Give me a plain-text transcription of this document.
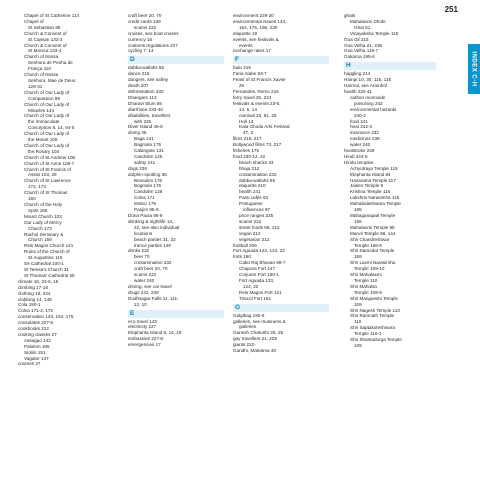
251
INDEX C-H
Chapel of St Catherine 114
Chapel of
St Sebastian 85
Church & Convent of
St Cajetan 132-3
Church & Convent of
St Monica 133-4
Church of Nossa
Senhora de Penha de
França 110
Church of Nossa
Senhora, Mae de Deus
129-31
Church of Our Lady of
Compassion 99
Church of Our Lady of
Miracles 144
Church of Our Lady of
the Immaculate
Conception 8, 14, 84-5
Church of Our Lady of
the Mount 105
Church of Our Lady of
the Rosary 104
Church of St Andrew 106
Church of St Anne 106-7
Church of St Francis of
Assisi 103, 29
Church of St Lawrence
172, 173
Church of St Thomas
160
Church of the Holy
Spirit 155
Mount Church 103
Our Lady of Mercy
Church 173
Rachol Seminary &
Church 159
Reis Magos Church 121
Ruins of the Church of
St Augustine 115
Sé Cathedral 100-1
St Teresa's Church 31
St Thomas' Cathedral 58
climate 16, 23-6, 16
climbing 17-18
clothing 19, 224
clubbing 14, 149
Cola 190-1
Colva 171-2, 172
conservation 143, 154, 175
consulates 227-8
cookbooks 212
cooking classes 27
Assagao 142
Palolem 185
Siolim 151
Vagator 147
courses 37
craft beer 20, 70
credit cards 229
scams 222
cruises, see boat cruises
currency 16
customs regulations 227
cycling 7, 14
D
dabba-wallahs 65
dance 215
dangers, see safety
death 207
deforestation 230
Dhangars 113
Dharavi Slum 56
diarrhoea 233-40
disabilities, travellers
with 226
Diver Island 45-6
diving 36
Baga 131
Bagmalo 175
Calangute 131
Candolim 126
safety 241
dogs 238
dolphin-spotting 35
Benaulim 176
Bogmalo 176
Candolim 126
Colva 171
Mobor 179
Panjim 95-9
Dona Paula 98-9
drinking & nightlife 14,
22, see also individual
locations
beach parties 31, 32
trance parties 149
drinks 232
beer 70
contamination 232
craft beer 20, 70
scams 222
water 240
driving, see car travel
drugs 222, 228
Dudhsagar Falls 11, 111-
12, 10
E
eco travel 143
electricity 227
Elephanta Island 8, 14, 18
embassies 227-8
emergencies 17
environment 229-20
environmental issues 143,
154, 175, 196, 230
etiquette 19
events, see festivals &
events
exchange rates 17
F
fado 215
Faria Alabe 93-7
Feast of St Francis Xavier
25
Fernandes, Remo 216
ferry travel 20, 224
festivals & events 23-6,
13, 5, 14
carnival 23, 81, 25
Holi 14
Kala Ghoda Arts Festival
47, 2
films 216, 217
Bollywood films 73, 217
fisheries 175
food 230-12, 22
beach shacks 33
bhaja 212
contamination 232
dabba-wallahs 65
etiquette 210
health 241
Parsi cafés 63
Portuguese
influences 97
price ranges 225
scams 222
street foods 66, 212
vegan 212
vegetarian 212
football 206
Fort Aguada 123, 124, 22
forts 160
Cabo Raj Bhavan 98-7
Chapora Fort 147
Corjuem Fort 150-1
Fort Aguada 123,
124, 22
Reis Magos Fort 121
Tiracol Fort 161
G
Galgibag 192-6
galleries, see museums &
galleries
Ganesh Chaturthi 25, 25
gay travellers 21, 229
giants 222-
Gandhi, Mahatma 48
ghats
Mahalaxmi Dhobi
Ghat 51
Vinayaksha Temple 115
Goa Gil 215
Goa Velha 21, 236
Goa Velha 116-7
Gokarna 195-6
H
haggling 214
Hampi 10, 30, 115, 116
Harmal, see Arambol
health 232-41
carbon monoxide
poisoning 242
environmental hazards
240-2
food 241
heat 242-3
insurance 232
medicines 238
water 240
heatstroke 239
Hindi 244-6
Hindu temples
Achyutraya Temple 115
Elephanta Island 84
Hazarama Temple 117
Jaisen Temple 9
Krishna Temple 115
Lakshmi Narasimha 115
Mahabaleshwara Temple
195
Mahaganapati Temple
195
Mahalaxmi Temple 98
Maruti Temple 98, 144
Shri Chandreshwar
Temple 168-9
Shri Damodar Temple
169
Shri Laxmi Narasimha
Temple 109-10
Shri Mahalaxmi
Temple 110
Shri Mahalsa
Temple 108-9
Shri Mangueshi Temple
109
Shri Nagesh Temple 110
Shri Ramnath Temple
110
Shri Saptakoteshwara
Temple 110-1
Shri Shantadurga Temple
109
